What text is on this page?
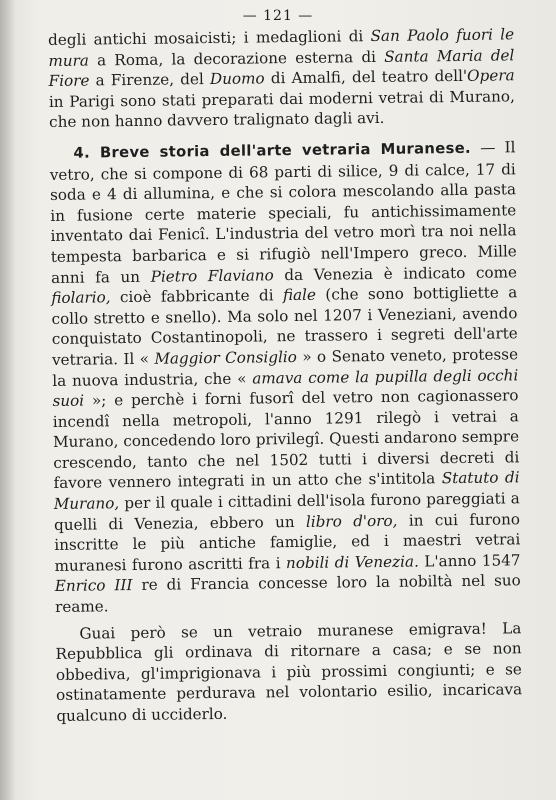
— 121 —

degli antichi mosaicisti; i medaglioni di San Paolo fuori le mura a Roma, la decorazione esterna di Santa Maria del Fiore a Firenze, del Duomo di Amalfi, del teatro dell'Opera in Parigi sono stati preparati dai moderni vetrai di Murano, che non hanno davvero tralignato dagli avi.

4. Breve storia dell'arte vetraria Muranese. — Il vetro, che si compone di 68 parti di silice, 9 di calce, 17 di soda e 4 di allumina, e che si colora mescolando alla pasta in fusione certe materie speciali, fu antichissimamente inventato dai Fenicî. L'industria del vetro morì tra noi nella tempesta barbarica e si rifugiò nell'Impero greco. Mille anni fa un Pietro Flaviano da Venezia è indicato come fiolario, cioè fabbricante di fiale (che sono bottigliette a collo stretto e snello). Ma solo nel 1207 i Veneziani, avendo conquistato Costantinopoli, ne trassero i segreti dell'arte vetraria. Il « Maggior Consiglio » o Senato veneto, protesse la nuova industria, che « amava come la pupilla degli occhi suoi »; e perchè i forni fusorî del vetro non cagionassero incendî nella metropoli, l'anno 1291 rilegò i vetrai a Murano, concedendo loro privilegî. Questi andarono sempre crescendo, tanto che nel 1502 tutti i diversi decreti di favore vennero integrati in un atto che s'intitola Statuto di Murano, per il quale i cittadini dell'isola furono pareggiati a quelli di Venezia, ebbero un libro d'oro, in cui furono inscritte le più antiche famiglie, ed i maestri vetrai muranesi furono ascritti fra i nobili di Venezia. L'anno 1547 Enrico III re di Francia concesse loro la nobiltà nel suo reame.

Guai però se un vetraio muranese emigrava! La Repubblica gli ordinava di ritornare a casa; e se non obbediva, gl'imprigionava i più prossimi congiunti; e se ostinatamente perdurava nel volontario esilio, incaricava qualcuno di ucciderlo.
